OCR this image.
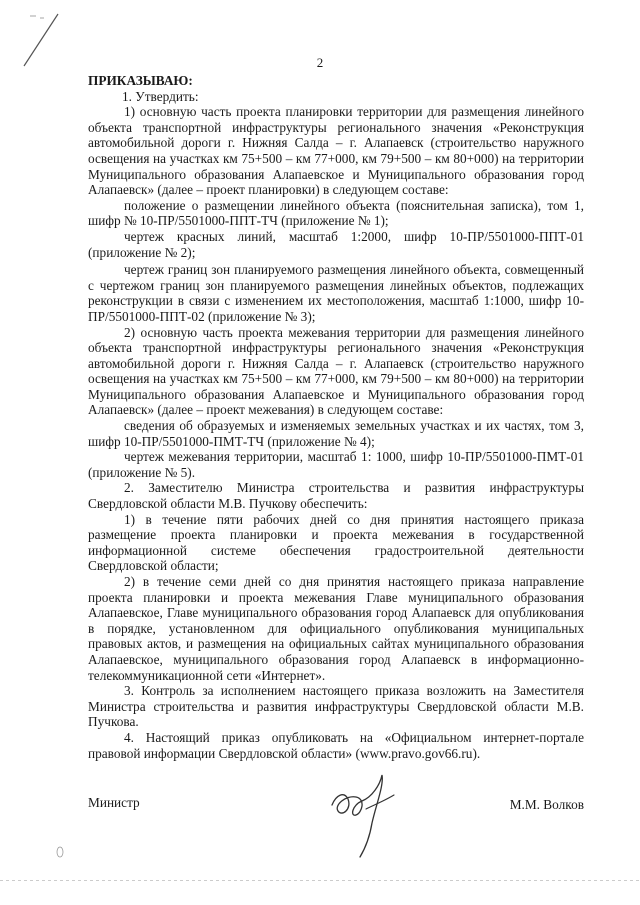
2

ПРИКАЗЫВАЮ:

1. Утвердить:

1) основную часть проекта планировки территории для размещения линейного объекта транспортной инфраструктуры регионального значения «Реконструкция автомобильной дороги г. Нижняя Салда – г. Алапаевск (строительство наружного освещения на участках км 75+500 – км 77+000, км 79+500 – км 80+000) на территории Муниципального образования Алапаевское и Муниципального образования город Алапаевск» (далее – проект планировки) в следующем составе:

положение о размещении линейного объекта (пояснительная записка), том 1, шифр № 10-ПР/5501000-ППТ-ТЧ (приложение № 1);

чертеж красных линий, масштаб 1:2000, шифр 10-ПР/5501000-ППТ-01 (приложение № 2);

чертеж границ зон планируемого размещения линейного объекта, совмещенный с чертежом границ зон планируемого размещения линейных объектов, подлежащих реконструкции в связи с изменением их местоположения, масштаб 1:1000, шифр 10-ПР/5501000-ППТ-02 (приложение № 3);

2) основную часть проекта межевания территории для размещения линейного объекта транспортной инфраструктуры регионального значения «Реконструкция автомобильной дороги г. Нижняя Салда – г. Алапаевск (строительство наружного освещения на участках км 75+500 – км 77+000, км 79+500 – км 80+000) на территории Муниципального образования Алапаевское и Муниципального образования город Алапаевск» (далее – проект межевания) в следующем составе:

сведения об образуемых и изменяемых земельных участках и их частях, том 3, шифр 10-ПР/5501000-ПМТ-ТЧ (приложение № 4);

чертеж межевания территории, масштаб 1: 1000, шифр 10-ПР/5501000-ПМТ-01 (приложение № 5).

2. Заместителю Министра строительства и развития инфраструктуры Свердловской области М.В. Пучкову обеспечить:

1) в течение пяти рабочих дней со дня принятия настоящего приказа размещение проекта планировки и проекта межевания в государственной информационной системе обеспечения градостроительной деятельности Свердловской области;

2) в течение семи дней со дня принятия настоящего приказа направление проекта планировки и проекта межевания Главе муниципального образования Алапаевское, Главе муниципального образования город Алапаевск для опубликования в порядке, установленном для официального опубликования муниципальных правовых актов, и размещения на официальных сайтах муниципального образования Алапаевское, муниципального образования город Алапаевск в информационно-телекоммуникационной сети «Интернет».

3. Контроль за исполнением настоящего приказа возложить на Заместителя Министра строительства и развития инфраструктуры Свердловской области М.В. Пучкова.

4. Настоящий приказ опубликовать на «Официальном интернет-портале правовой информации Свердловской области» (www.pravo.gov66.ru).

Министр	М.М. Волков
